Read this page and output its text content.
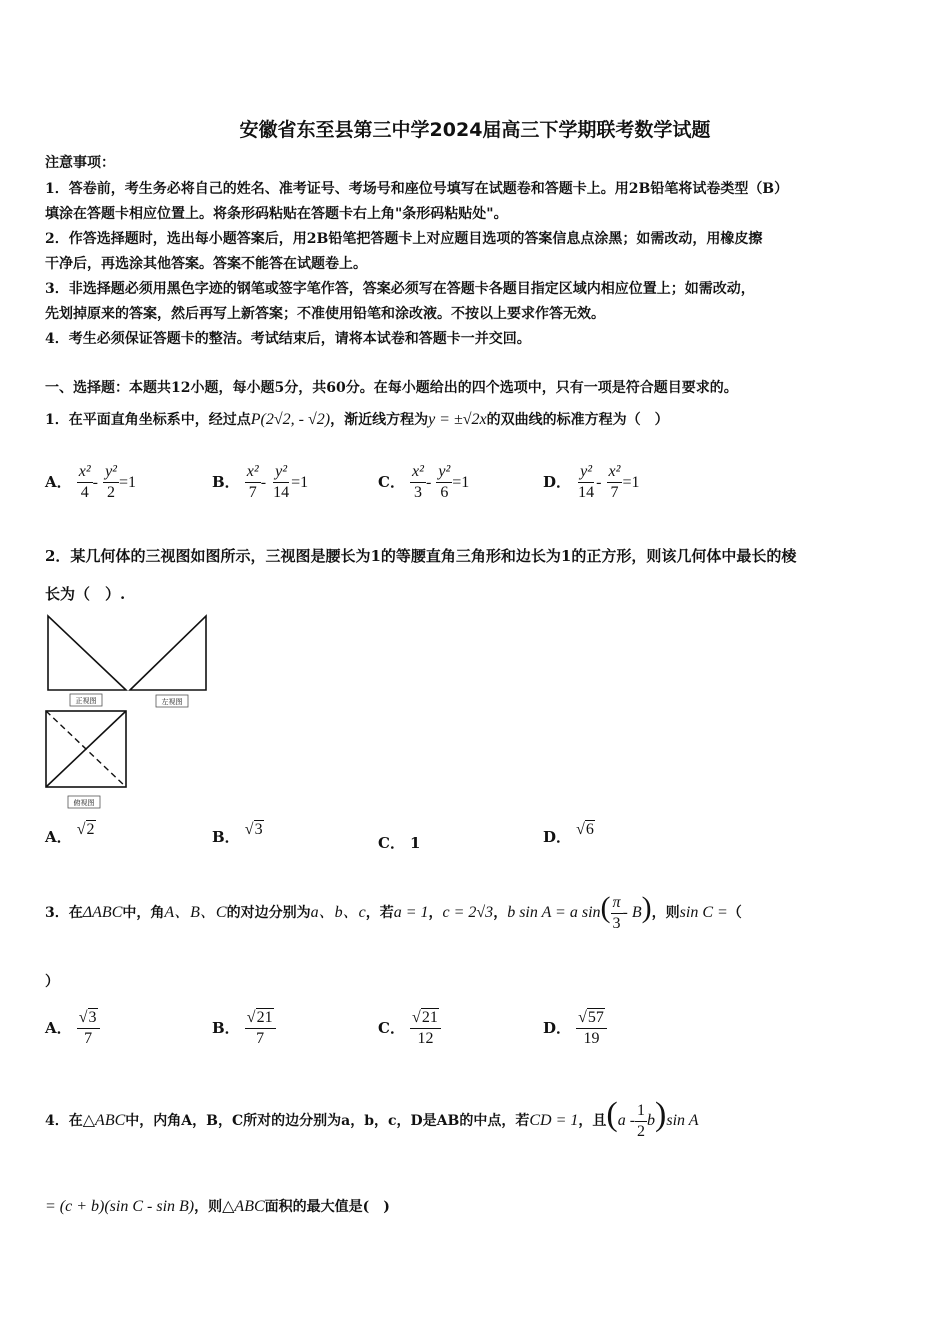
安徽省东至县第三中学2024届高三下学期联考数学试题
注意事项：
1．答卷前，考生务必将自己的姓名、准考证号、考场号和座位号填写在试题卷和答题卡上。用2B铅笔将试卷类型（B）
填涂在答题卡相应位置上。将条形码粘贴在答题卡右上角"条形码粘贴处"。
2．作答选择题时，选出每小题答案后，用2B铅笔把答题卡上对应题目选项的答案信息点涂黑；如需改动，用橡皮擦
干净后，再选涂其他答案。答案不能答在试题卷上。
3．非选择题必须用黑色字迹的钢笔或签字笔作答，答案必须写在答题卡各题目指定区域内相应位置上；如需改动，
先划掉原来的答案，然后再写上新答案；不准使用铅笔和涂改液。不按以上要求作答无效。
4．考生必须保证答题卡的整洁。考试结束后，请将本试卷和答题卡一并交回。
一、选择题：本题共12小题，每小题5分，共60分。在每小题给出的四个选项中，只有一项是符合题目要求的。
1．在平面直角坐标系中，经过点P(2√2, - √2)，渐近线方程为y = ±√2x的双曲线的标准方程为（　）
A． $\frac{\text{x²}}{4} - \frac{\text{y²}}{2} =1$	B． $\frac{\text{x²}}{7} - \frac{\text{y²}}{14} =1$	C． $\frac{\text{x²}}{3} - \frac{\text{y²}}{6} =1$	D． $\frac{\text{y²}}{14} - \frac{\text{x²}}{7} =1$
2．某几何体的三视图如图所示，三视图是腰长为1的等腰直角三角形和边长为1的正方形，则该几何体中最长的棱
长为（　）.
正视图	左视图
俯视图
A． √2	B． √3
C． 1	D． √6
3．在ΔABC中，角A、B、C的对边分别为a、b、c，若a = 1，c = 2√3，b sin A = a $\sin( \frac{\pi}{3} - B)$，则sin C =（
）
A． $\frac{√3}{7}$	B． $\frac{√21}{7}$	C． $\frac{√21}{12}$	D． $\frac{√57}{19}$
4．在△ABC中，内角A，B，C所对的边分别为a，b，c，D是AB的中点，若CD = 1，且$(a - \frac{1}{2} b)\sin$ A
= (c + b)(sin C - sin B)，则△ABC面积的最大值是(　)
